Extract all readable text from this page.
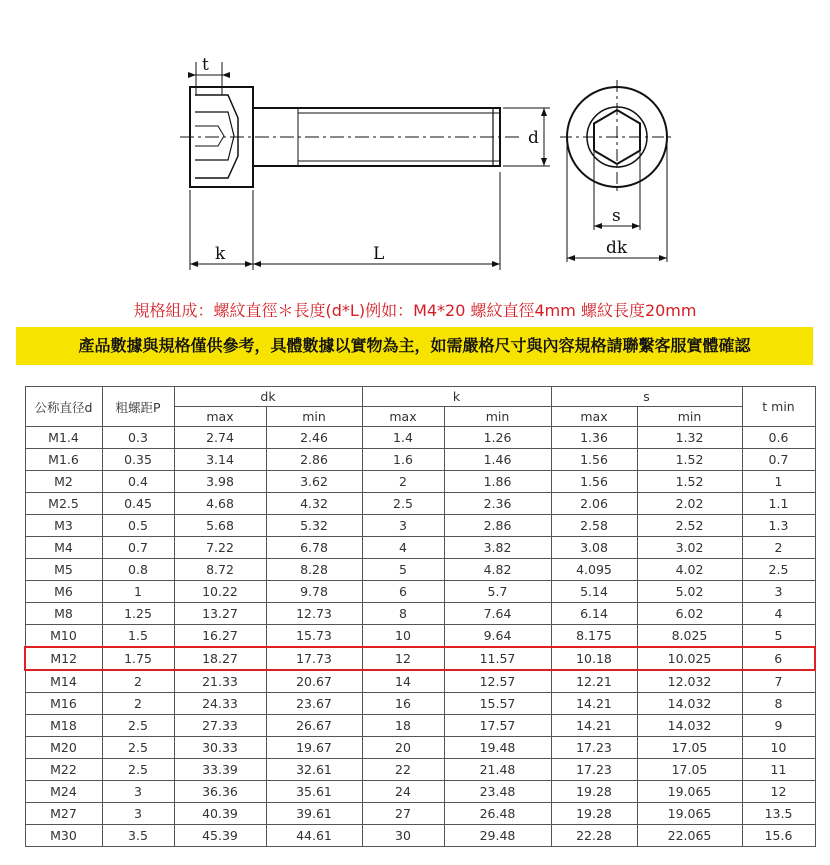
t
d
k	L
s
dk
規格組成：螺紋直徑＊長度(d*L)例如：M4*20 螺紋直徑4mm 螺紋長度20mm
產品數據與規格僅供參考，具體數據以實物為主，如需嚴格尺寸與內容規格請聯繫客服實體確認
公称直径d	粗螺距P	dk		k		s		t min
		max	min	max	min	max	min	
M1.4	0.3	2.74	2.46	1.4	1.26	1.36	1.32	0.6
M1.6	0.35	3.14	2.86	1.6	1.46	1.56	1.52	0.7
M2	0.4	3.98	3.62	2	1.86	1.56	1.52	1
M2.5	0.45	4.68	4.32	2.5	2.36	2.06	2.02	1.1
M3	0.5	5.68	5.32	3	2.86	2.58	2.52	1.3
M4	0.7	7.22	6.78	4	3.82	3.08	3.02	2
M5	0.8	8.72	8.28	5	4.82	4.095	4.02	2.5
M6	1	10.22	9.78	6	5.7	5.14	5.02	3
M8	1.25	13.27	12.73	8	7.64	6.14	6.02	4
M10	1.5	16.27	15.73	10	9.64	8.175	8.025	5
M12	1.75	18.27	17.73	12	11.57	10.18	10.025	6
M14	2	21.33	20.67	14	12.57	12.21	12.032	7
M16	2	24.33	23.67	16	15.57	14.21	14.032	8
M18	2.5	27.33	26.67	18	17.57	14.21	14.032	9
M20	2.5	30.33	19.67	20	19.48	17.23	17.05	10
M22	2.5	33.39	32.61	22	21.48	17.23	17.05	11
M24	3	36.36	35.61	24	23.48	19.28	19.065	12
M27	3	40.39	39.61	27	26.48	19.28	19.065	13.5
M30	3.5	45.39	44.61	30	29.48	22.28	22.065	15.6
